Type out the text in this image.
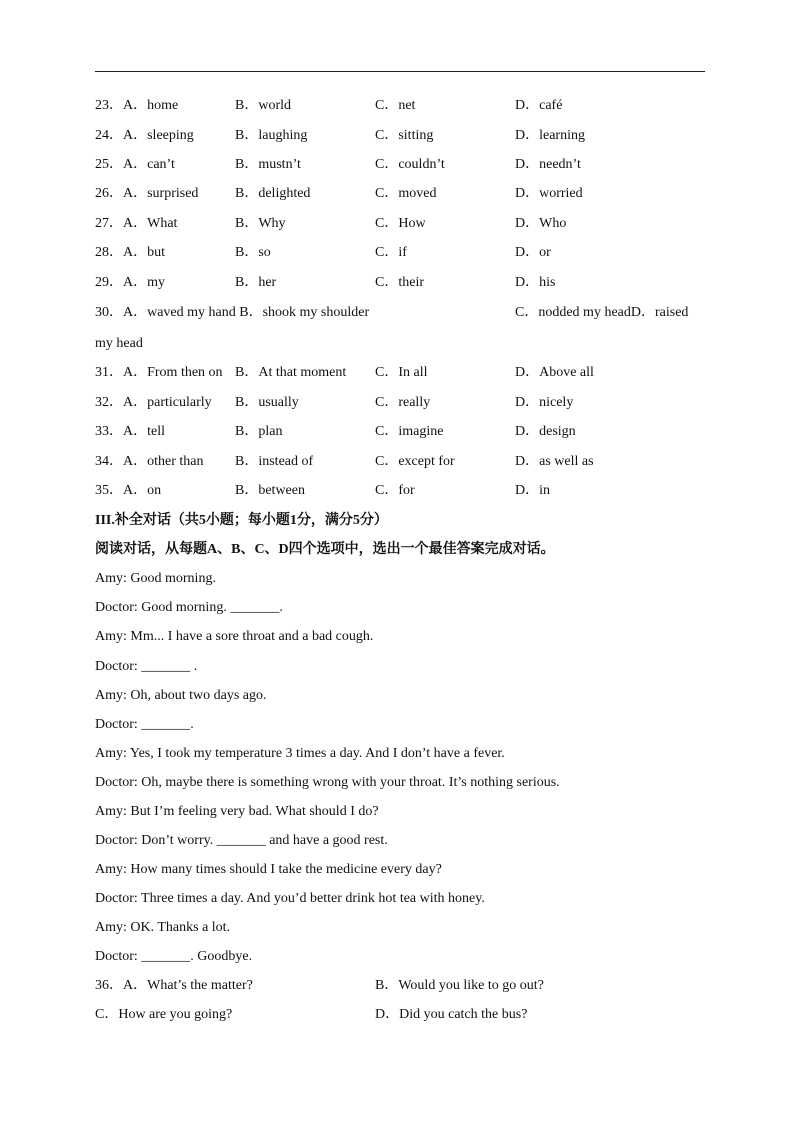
23．A．home	B．world	C．net	D．café
24．A．sleeping	B．laughing	C．sitting	D．learning
25．A．can’t	B．mustn’t	C．couldn’t	D．needn’t
26．A．surprised	B．delighted	C．moved	D．worried
27．A．What	B．Why	C．How	D．Who
28．A．but	B．so	C．if	D．or
29．A．my	B．her	C．their	D．his
30．A．waved my hand B．shook my shoulder	C．nodded my headD．raised
my head
31．A．From then on B．At that moment C．In all	D．Above all
32．A．particularly B．usually	C．really	D．nicely
33．A．tell	B．plan	C．imagine	D．design
34．A．other than B．instead of	C．except for	D．as well as
35．A．on	B．between	C．for	D．in
III.补全对话（共5小题；每小题1分，满分5分）
阅读对话，从每题A、B、C、D四个选项中，选出一个最佳答案完成对话。
Amy: Good morning.
Doctor: Good morning. _______.
Amy: Mm... I have a sore throat and a bad cough.
Doctor: _______ .
Amy: Oh, about two days ago.
Doctor: _______.
Amy: Yes, I took my temperature 3 times a day. And I don’t have a fever.
Doctor: Oh, maybe there is something wrong with your throat. It’s nothing serious.
Amy: But I’m feeling very bad. What should I do?
Doctor: Don’t worry. _______ and have a good rest.
Amy: How many times should I take the medicine every day?
Doctor: Three times a day. And you’d better drink hot tea with honey.
Amy: OK. Thanks a lot.
Doctor: _______. Goodbye.
36．A．What’s the matter?	B．Would you like to go out?
C．How are you going?	D．Did you catch the bus?
